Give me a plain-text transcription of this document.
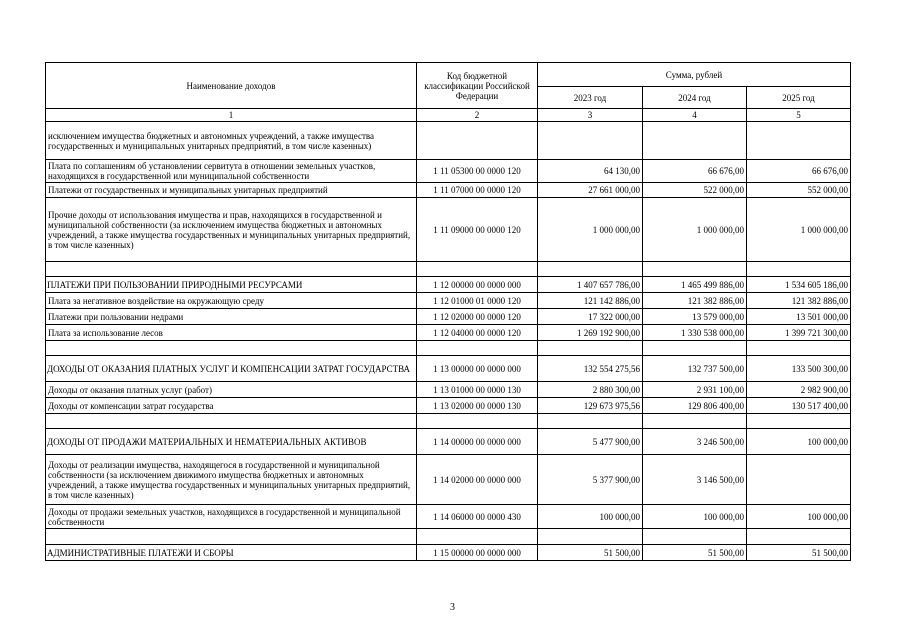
Наименование доходов	Код бюджетной классификации Российской Федерации	Сумма, рублей		
		2023 год	2024 год	2025 год
1	2	3	4	5
исключением имущества бюджетных и автономных учреждений, а также имущества государственных и муниципальных унитарных предприятий, в том числе казенных)				
Плата по соглашениям об установлении сервитута в отношении земельных участков, находящихся в государственной или муниципальной собственности	1 11 05300 00 0000 120	64 130,00	66 676,00	66 676,00
Платежи от государственных и муниципальных унитарных предприятий	1 11 07000 00 0000 120	27 661 000,00	522 000,00	552 000,00
Прочие доходы от использования имущества и прав, находящихся в государственной и муниципальной собственности (за исключением имущества бюджетных и автономных учреждений, а также имущества государственных и муниципальных унитарных предприятий, в том числе казенных)	1 11 09000 00 0000 120	1 000 000,00	1 000 000,00	1 000 000,00

ПЛАТЕЖИ ПРИ ПОЛЬЗОВАНИИ ПРИРОДНЫМИ РЕСУРСАМИ	1 12 00000 00 0000 000	1 407 657 786,00	1 465 499 886,00	1 534 605 186,00
Плата за негативное воздействие на окружающую среду	1 12 01000 01 0000 120	121 142 886,00	121 382 886,00	121 382 886,00
Платежи при пользовании недрами	1 12 02000 00 0000 120	17 322 000,00	13 579 000,00	13 501 000,00
Плата за использование лесов	1 12 04000 00 0000 120	1 269 192 900,00	1 330 538 000,00	1 399 721 300,00

ДОХОДЫ ОТ ОКАЗАНИЯ ПЛАТНЫХ УСЛУГ И КОМПЕНСАЦИИ ЗАТРАТ ГОСУДАРСТВА	1 13 00000 00 0000 000	132 554 275,56	132 737 500,00	133 500 300,00
Доходы от оказания платных услуг (работ)	1 13 01000 00 0000 130	2 880 300,00	2 931 100,00	2 982 900,00
Доходы от компенсации затрат государства	1 13 02000 00 0000 130	129 673 975,56	129 806 400,00	130 517 400,00

ДОХОДЫ ОТ ПРОДАЖИ МАТЕРИАЛЬНЫХ И НЕМАТЕРИАЛЬНЫХ АКТИВОВ	1 14 00000 00 0000 000	5 477 900,00	3 246 500,00	100 000,00
Доходы от реализации имущества, находящегося в государственной и муниципальной собственности (за исключением движимого имущества бюджетных и автономных учреждений, а также имущества государственных и муниципальных унитарных предприятий, в том числе казенных)	1 14 02000 00 0000 000	5 377 900,00	3 146 500,00	
Доходы от продажи земельных участков, находящихся в государственной и муниципальной собственности	1 14 06000 00 0000 430	100 000,00	100 000,00	100 000,00

АДМИНИСТРАТИВНЫЕ ПЛАТЕЖИ И СБОРЫ	1 15 00000 00 0000 000	51 500,00	51 500,00	51 500,00
3
